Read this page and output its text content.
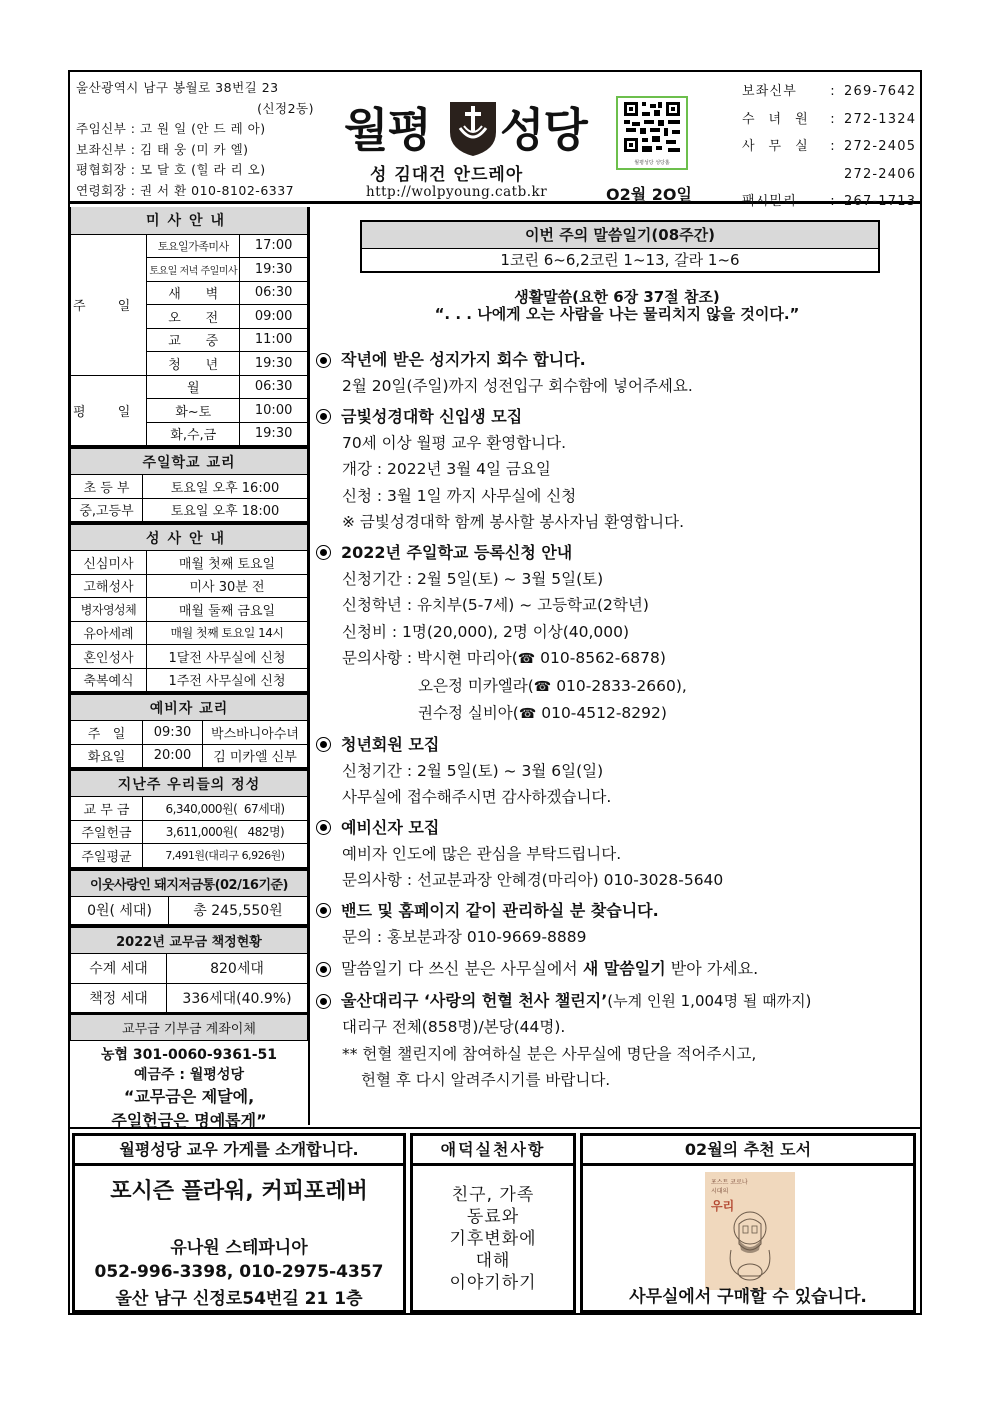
울산광역시 남구 봉월로 38번길 23
(신정2동)
주임신부 : 고 원 일 (안 드 레 아)
보좌신부 : 김 태 웅 (미 카 엘)
평협회장 : 모 달 호 (힐 라 리 오)
연령회장 : 권 서 환 010-8102-6337
월평 성당
성 김대건 안드레아
http://wolpyoung.catb.kr
월평성당 성당홈
O2월 2O일
보좌신부	: 269-7642
수녀원 : 272-1324
사무실 : 272-2405
272-2406
팩시밀리	: 267-1713
미사안내		
주 일	토요일가족미사	17:00
	토요일 저녁 주일미사	19:30
	새      벽	06:30
	오      전	09:00
	교      중	11:00
	청      년	19:30
평 일	월	06:30
	화~토	10:00
	화,수,금	19:30
주일학교 교리	
초 등 부	토요일 오후 16:00
중,고등부	토요일 오후 18:00
성사안내	
신심미사	매월 첫째 토요일
고해성사	미사 30분 전
병자영성체	매월 둘째 금요일
유아세례	매월 첫째 토요일 14시
혼인성사	1달전 사무실에 신청
축복예식	1주전 사무실에 신청
예비자 교리		
주   일	09:30	박스바니아수녀
화요일	20:00	김 미카엘 신부
지난주 우리들의 정성	
교 무 금	6,340,000원(  67세대)
주일헌금	3,611,000원(   482명)
주일평균	7,491원(대리구 6,926원)
이웃사랑인 돼지저금통(02/16기준)
0원( 세대)	총 245,550원
2022년 교무금 책정현황	
수계 세대	820세대
책정 세대	336세대(40.9%)
교무금 기부금 계좌이체	
농협 301-0060-9361-51
예금주 : 월평성당
“교무금은 제달에,
주일헌금은 명예롭게”
이번 주의 말씀일기(08주간)
1코린 6~6,2코린 1~13, 갈라 1~6
생활말씀(요한 6장 37절 참조)
“. . . 나에게 오는 사람을 나는 물리치지 않을 것이다.”
작년에 받은 성지가지 회수 합니다.
2월 20일(주일)까지 성전입구 회수함에 넣어주세요.
금빛성경대학 신입생 모집
70세 이상 월평 교우 환영합니다.
개강 : 2022년 3월 4일 금요일
신청 : 3월 1일 까지 사무실에 신청
※ 금빛성경대학 함께 봉사할 봉사자님 환영합니다.
2022년 주일학교 등록신청 안내
신청기간 : 2월 5일(토) ~ 3월 5일(토)
신청학년 : 유치부(5-7세) ~ 고등학교(2학년)
신청비 : 1명(20,000), 2명 이상(40,000)
문의사항 : 박시현 마리아(☎ 010-8562-6878)
오은정 미카엘라(☎ 010-2833-2660),
권수정 실비아(☎ 010-4512-8292)
청년회원 모집
신청기간 : 2월 5일(토) ~ 3월 6일(일)
사무실에 접수해주시면 감사하겠습니다.
예비신자 모집
예비자 인도에 많은 관심을 부탁드립니다.
문의사항 : 선교분과장 안혜경(마리아) 010-3028-5640
밴드 및 홈페이지 같이 관리하실 분 찾습니다.
문의 : 홍보분과장 010-9669-8889
말씀일기 다 쓰신 분은 사무실에서 새 말씀일기 받아 가세요.
울산대리구 ‘사랑의 헌혈 천사 챌린지’ (누계 인원 1,004명 될 때까지)
대리구 전체(858명)/본당(44명).
** 헌혈 챌린지에 참여하실 분은 사무실에 명단을 적어주시고,
헌혈 후 다시 알려주시기를 바랍니다.
월평성당 교우 가게를 소개합니다.
포시즌 플라워, 커피포레버
유나원 스테파니아
052-996-3398, 010-2975-4357
울산 남구 신정로54번길 21 1층
애덕실천사항
친구, 가족
동료와
기후변화에
대해
이야기하기
02월의 추천 도서
포스트 코로나
시대의
우리
사무실에서 구매할 수 있습니다.
